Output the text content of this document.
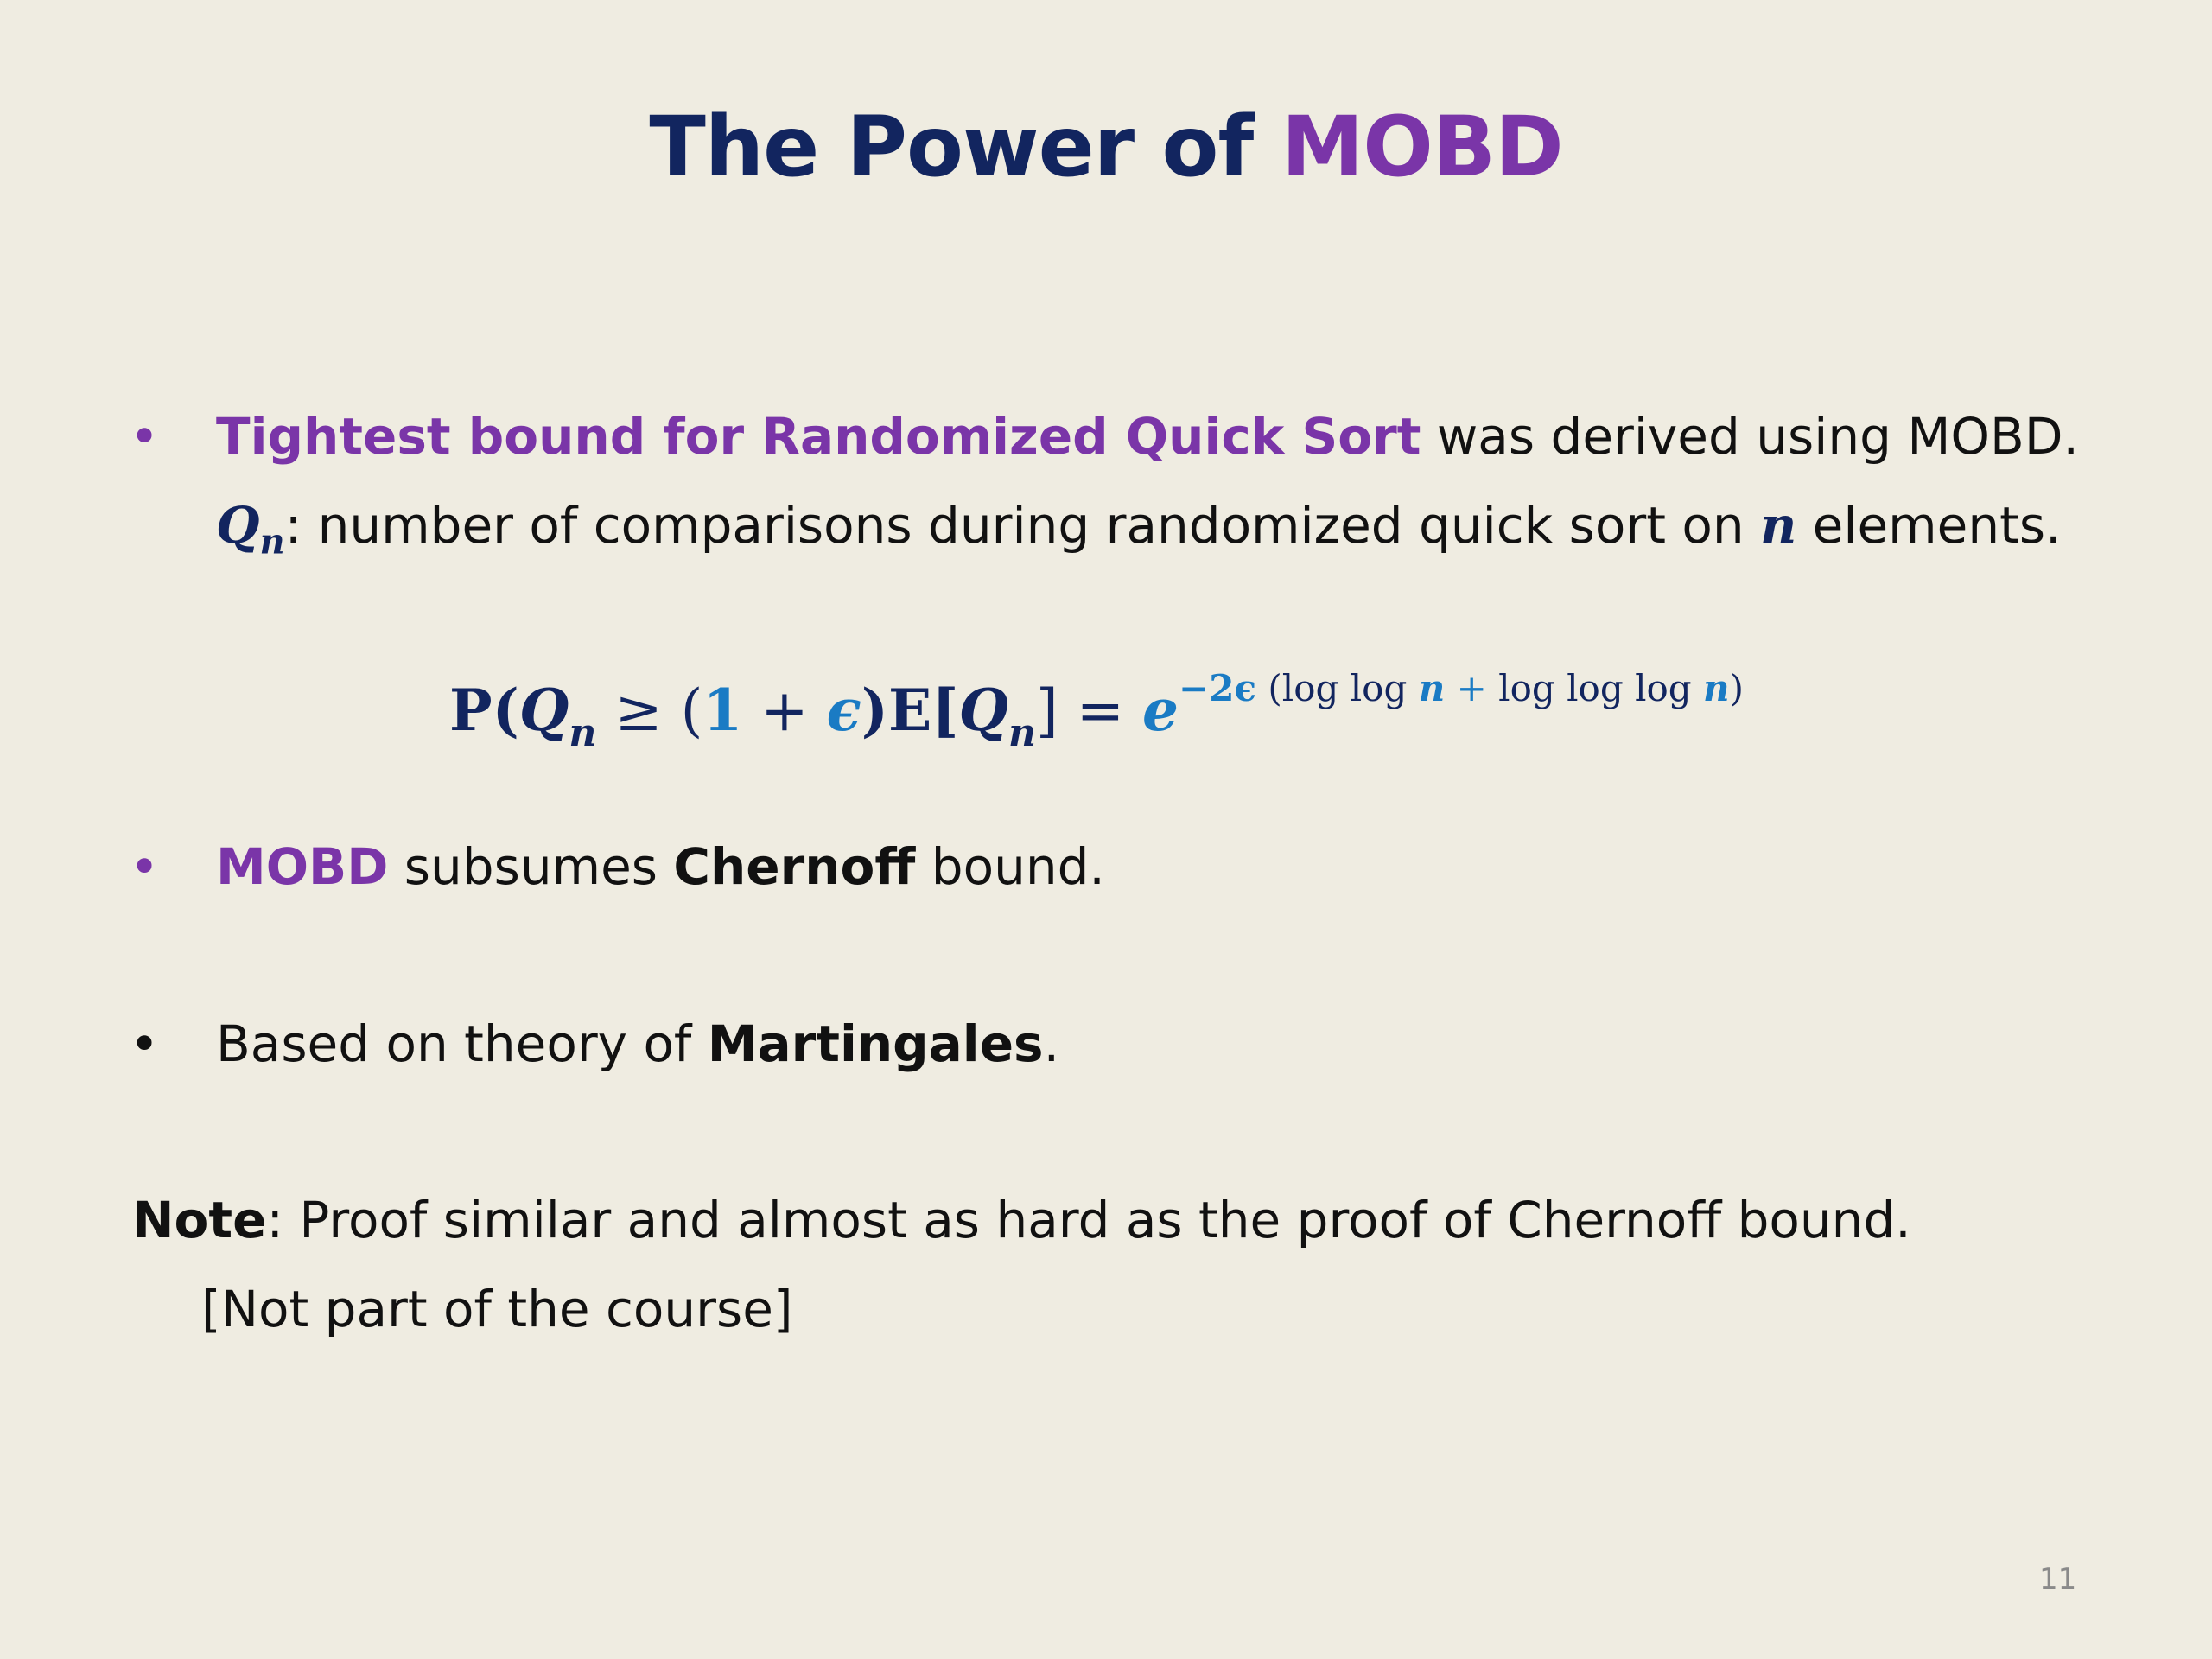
The Power of MOBD
• Tightest bound for Randomized Quick Sort was derived using MOBD.
$Q_n$: number of comparisons during randomized quick sort on n elements.
$P(Q_n \ge (1 + \epsilon)E[Q_n] = e^{-2\epsilon (log log n + log log log n)}$
• MOBD subsumes Chernoff bound.
• Based on theory of Martingales.
Note: Proof similar and almost as hard as the proof of Chernoff bound.
[Not part of the course]
11
